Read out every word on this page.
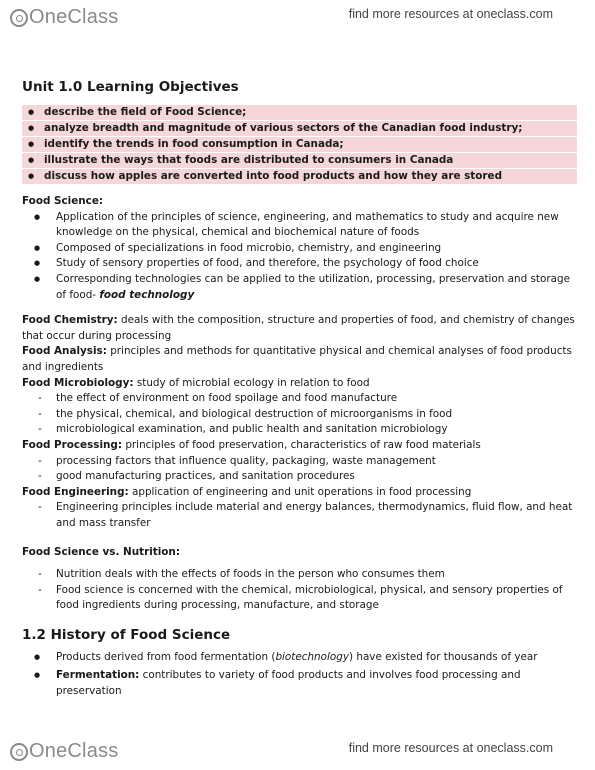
OneClass	find more resources at oneclass.com
Unit 1.0 Learning Objectives
● describe the field of Food Science;
● analyze breadth and magnitude of various sectors of the Canadian food industry;
● identify the trends in food consumption in Canada;
● illustrate the ways that foods are distributed to consumers in Canada
● discuss how apples are converted into food products and how they are stored
Food Science:
● Application of the principles of science, engineering, and mathematics to study and acquire new knowledge on the physical, chemical and biochemical nature of foods
● Composed of specializations in food microbio, chemistry, and engineering
● Study of sensory properties of food, and therefore, the psychology of food choice
● Corresponding technologies can be applied to the utilization, processing, preservation and storage of food- food technology
Food Chemistry: deals with the composition, structure and properties of food, and chemistry of changes that occur during processing
Food Analysis: principles and methods for quantitative physical and chemical analyses of food products and ingredients
Food Microbiology: study of microbial ecology in relation to food
- the effect of environment on food spoilage and food manufacture
- the physical, chemical, and biological destruction of microorganisms in food
- microbiological examination, and public health and sanitation microbiology
Food Processing: principles of food preservation, characteristics of raw food materials
- processing factors that influence quality, packaging, waste management
- good manufacturing practices, and sanitation procedures
Food Engineering: application of engineering and unit operations in food processing
- Engineering principles include material and energy balances, thermodynamics, fluid flow, and heat and mass transfer
Food Science vs. Nutrition:
- Nutrition deals with the effects of foods in the person who consumes them
- Food science is concerned with the chemical, microbiological, physical, and sensory properties of food ingredients during processing, manufacture, and storage
1.2 History of Food Science
● Products derived from food fermentation (biotechnology) have existed for thousands of year
● Fermentation: contributes to variety of food products and involves food processing and preservation
OneClass	find more resources at oneclass.com
